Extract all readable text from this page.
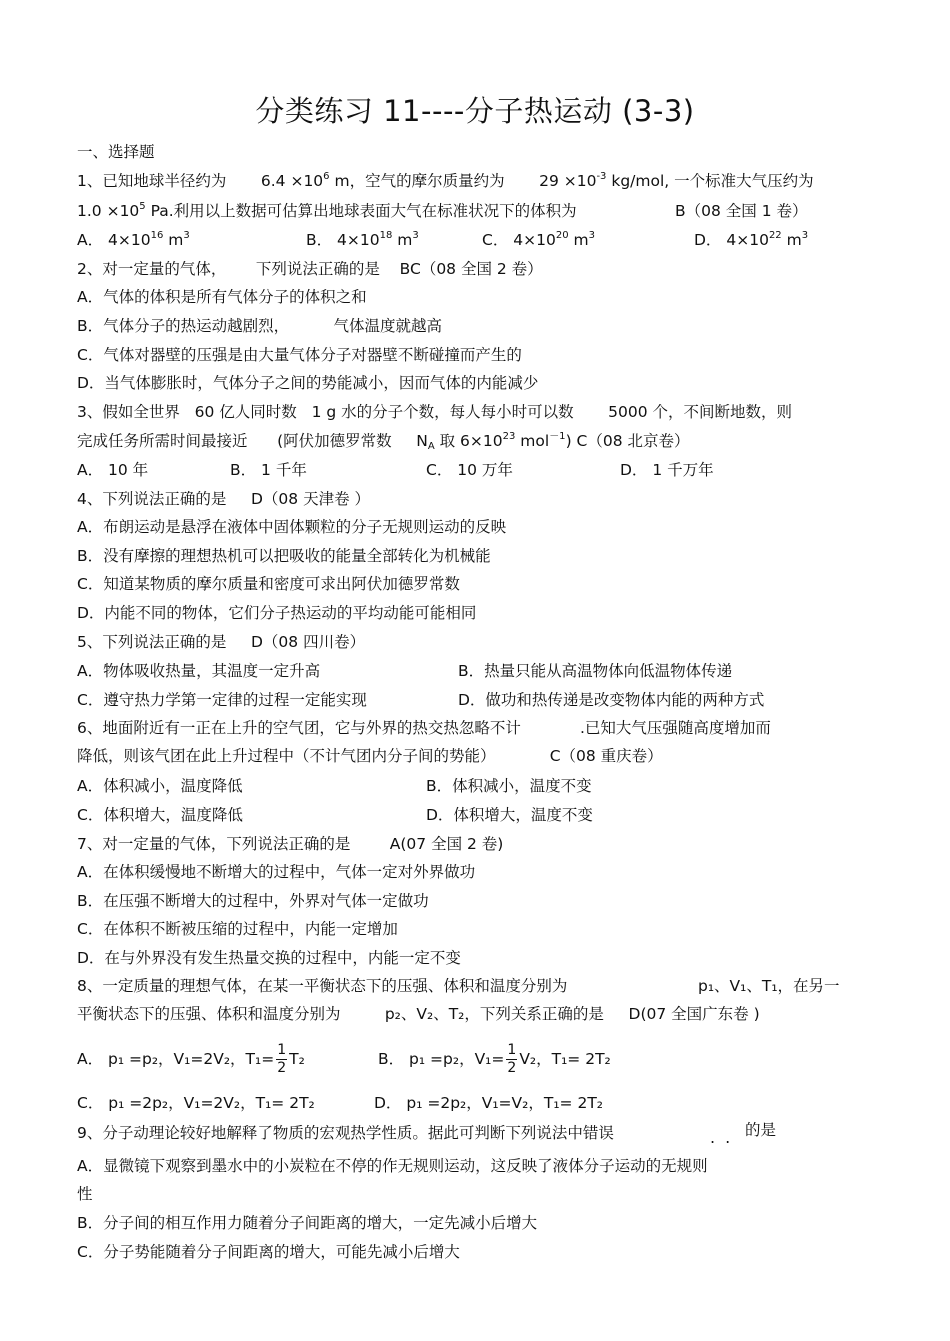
分类练习 11----分子热运动 (3-3)
一、选择题
1、已知地球半径约为 $6.4 \times 10^6$ m，空气的摩尔质量约为 $29 \times 10^{-3}$ kg/mol, 一个标准大气压约为
$1.0 \times 10^5$ Pa.利用以上数据可估算出地球表面大气在标准状况下的体积为	B（08 全国 1 卷）
A． $4\times 10^{16}$ $m^3$	B． $4\times 10^{18}$ $m^3$	C． $4\times 10^{20}$ $m^3$	D． $4\times 10^{22}$ $m^3$
2、对一定量的气体，      下列说法正确的是    BC（08 全国 2 卷）
A．气体的体积是所有气体分子的体积之和
B．气体分子的热运动越剧烈，         气体温度就越高
C．气体对器壁的压强是由大量气体分子对器壁不断碰撞而产生的
D．当气体膨胀时，气体分子之间的势能减小，因而气体的内能减少
3、假如全世界   60 亿人同时数   1 g 水的分子个数，每人每小时可以数       5000 个，不间断地数，则
完成任务所需时间最接近      (阿伏加德罗常数     $N_A$ 取 $6\times 10^{23}$ mol$^{-1}$) C（08 北京卷）
A． 10 年	B． 1 千年	C． 10 万年	D． 1 千万年
4、下列说法正确的是     D（08 天津卷 ）
A．布朗运动是悬浮在液体中固体颗粒的分子无规则运动的反映
B．没有摩擦的理想热机可以把吸收的能量全部转化为机械能
C．知道某物质的摩尔质量和密度可求出阿伏加德罗常数
D．内能不同的物体，它们分子热运动的平均动能可能相同
5、下列说法正确的是     D（08 四川卷）
A．物体吸收热量，其温度一定升高	B．热量只能从高温物体向低温物体传递
C．遵守热力学第一定律的过程一定能实现	D．做功和热传递是改变物体内能的两种方式
6、地面附近有一正在上升的空气团，它与外界的热交热忽略不计            .已知大气压强随高度增加而
降低，则该气团在此上升过程中（不计气团内分子间的势能）           C（08 重庆卷）
A．体积减小，温度降低	B．体积减小，温度不变
C．体积增大，温度降低	D．体积增大，温度不变
7、对一定量的气体，下列说法正确的是        A(07 全国 2 卷)
A．在体积缓慢地不断增大的过程中，气体一定对外界做功
B．在压强不断增大的过程中，外界对气体一定做功
C．在体积不断被压缩的过程中，内能一定增加
D．在与外界没有发生热量交换的过程中，内能一定不变
8、一定质量的理想气体，在某一平衡状态下的压强、体积和温度分别为	p₁、V₁、T₁，在另一
平衡状态下的压强、体积和温度分别为         p₂、V₂、T₂，下列关系正确的是     D(07 全国广东卷 )
A． p₁ =p₂，V₁=2V₂，$T_1= \frac{1}{2} T_2$	B． p₁ =p₂，$V_1= \frac{1}{2} V_2$，T₁= 2T₂
C． p₁ =2p₂，V₁=2V₂，T₁= 2T₂	D． p₁ =2p₂，V₁=V₂，T₁= 2T₂
9、分子动理论较好地解释了物质的宏观热学性质。据此可判断下列说法中错误	.. 的是
A．显微镜下观察到墨水中的小炭粒在不停的作无规则运动，这反映了液体分子运动的无规则
性
B．分子间的相互作用力随着分子间距离的增大，一定先减小后增大
C．分子势能随着分子间距离的增大，可能先减小后增大
